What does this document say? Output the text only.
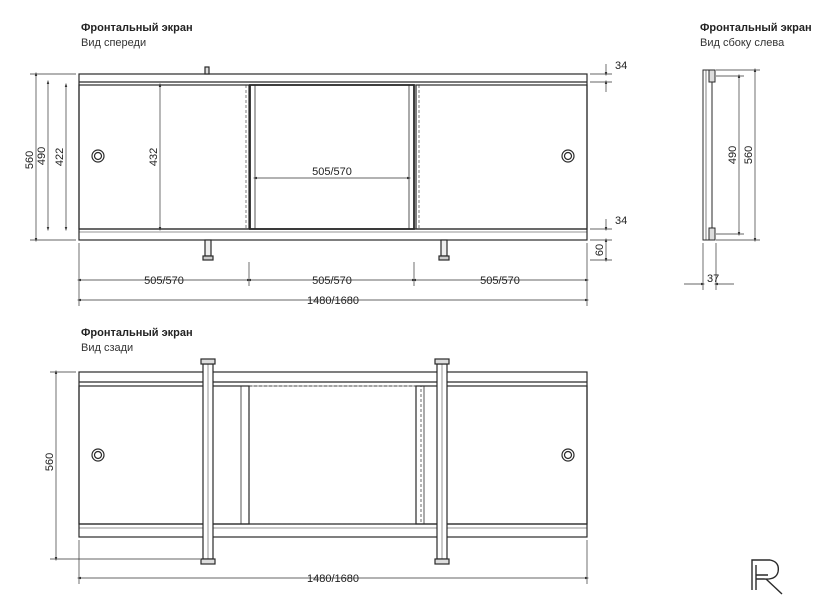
Фронтальный экран
Вид спереди
Фронтальный экран
Вид сбоку слева
Фронтальный экран
Вид сзади
560 490 422	432
505/570
34
34
60
505/570	505/570	505/570
1480/1680
490 560
37
560
1480/1680
